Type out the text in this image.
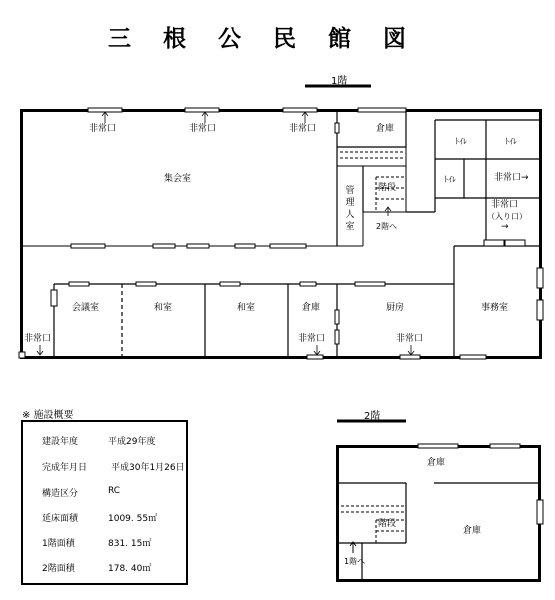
三 根 公 民 館 図
1階
非常口	非常口	非常口
集会室
倉庫
ﾄｲﾚ	ﾄｲﾚ
ﾄｲﾚ	非常口→
階段
2階へ
管理人室
非常口
（入り口）
→
会議室	和室	和室	倉庫	厨房	事務室
非常口	非常口	非常口
2階
倉庫
倉庫
階段
1階へ
※ 施設概要
建設年度	平成29年度
完成年月日	平成30年1月26日
構造区分	RC
延床面積	1009. 55㎡
1階面積	831. 15㎡
2階面積	178. 40㎡
